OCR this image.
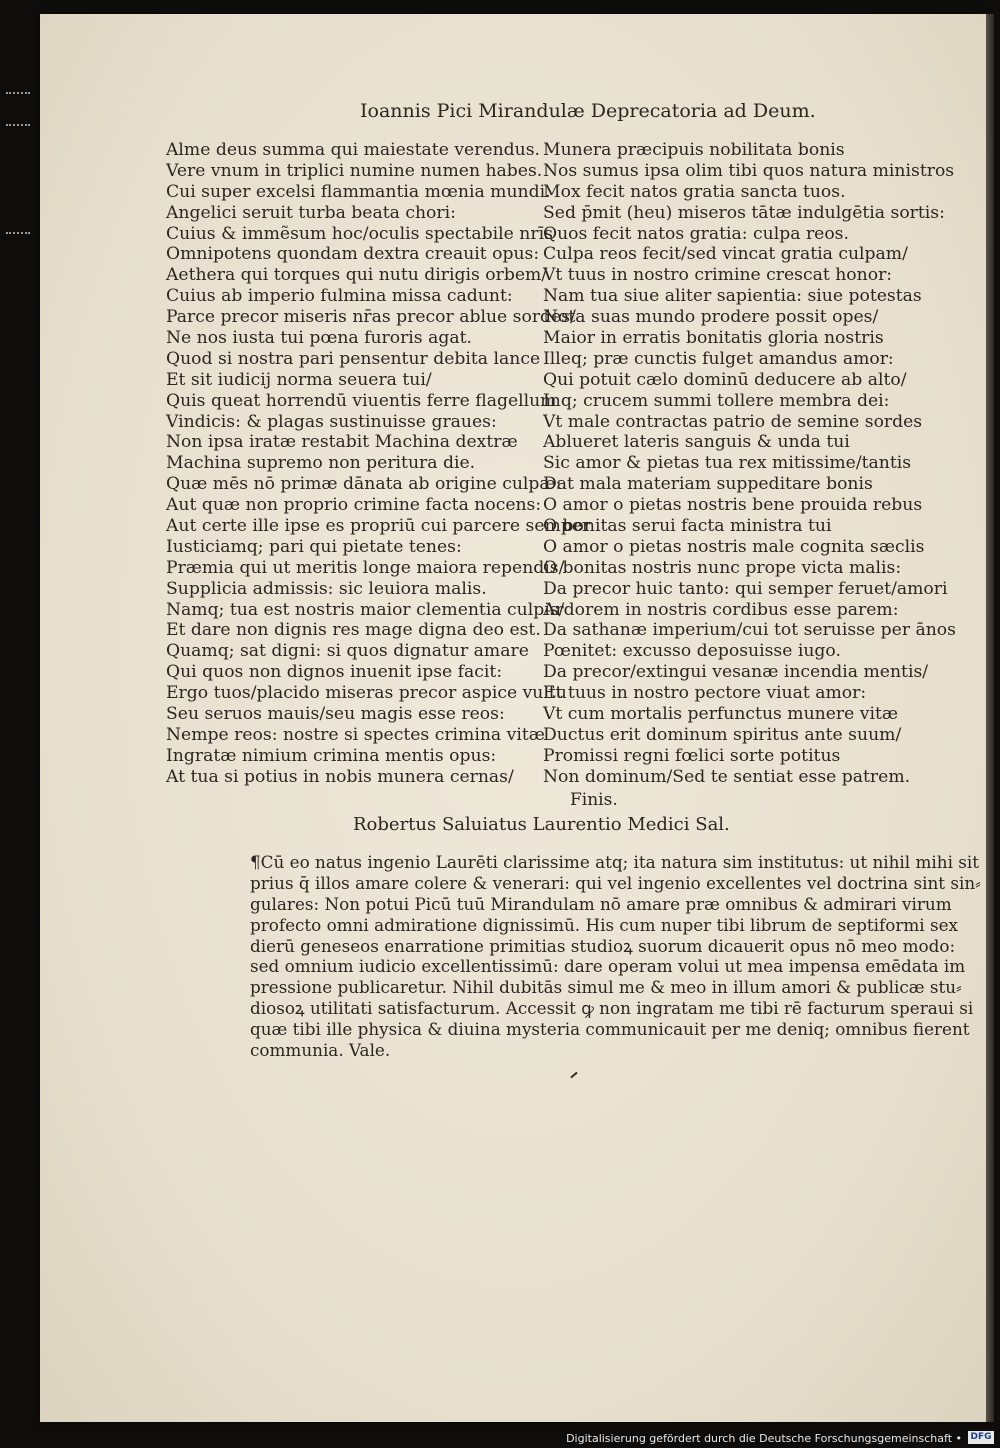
Ioannis Pici Mirandulæ Deprecatoria ad Deum.
Alme deus summa qui maiestate verendus.
Vere vnum in triplici numine numen habes.
Cui super excelsi flammantia mœnia mundi.
Angelici seruit turba beata chori:
Cuius & immẽsum hoc/oculis spectabile nrīs
Omnipotens quondam dextra creauit opus:
Aethera qui torques qui nutu dirigis orbem/
Cuius ab imperio fulmina missa cadunt:
Parce precor miseris nr̄as precor ablue sordes/
Ne nos iusta tui pœna furoris agat.
Quod si nostra pari pensentur debita lance
Et sit iudicij norma seuera tui/
Quis queat horrendū viuentis ferre flagellum
Vindicis: & plagas sustinuisse graues:
Non ipsa iratæ restabit Machina dextræ
Machina supremo non peritura die.
Quæ mēs nō primæ dānata ab origine culpæ:
Aut quæ non proprio crimine facta nocens:
Aut certe ille ipse es propriū cui parcere semper
Iusticiamq; pari qui pietate tenes:
Præmia qui ut meritis longe maiora rependis/
Supplicia admissis: sic leuiora malis.
Namq; tua est nostris maior clementia culpis/
Et dare non dignis res mage digna deo est.
Quamq; sat digni: si quos dignatur amare
Qui quos non dignos inuenit ipse facit:
Ergo tuos/placido miseras precor aspice vultu
Seu seruos mauis/seu magis esse reos:
Nempe reos: nostre si spectes crimina vitæ
Ingratæ nimium crimina mentis opus:
At tua si potius in nobis munera cernas/
Munera præcipuis nobilitata bonis
Nos sumus ipsa olim tibi quos natura ministros
Mox fecit natos gratia sancta tuos.
Sed p̄mit (heu) miseros tātæ indulgētia sortis:
Quos fecit natos gratia: culpa reos.
Culpa reos fecit/sed vincat gratia culpam/
Vt tuus in nostro crimine crescat honor:
Nam tua siue aliter sapientia: siue potestas
Nota suas mundo prodere possit opes/
Maior in erratis bonitatis gloria nostris
Illeq; præ cunctis fulget amandus amor:
Qui potuit cælo dominū deducere ab alto/
Inq; crucem summi tollere membra dei:
Vt male contractas patrio de semine sordes
Ablueret lateris sanguis & unda tui
Sic amor & pietas tua rex mitissime/tantis
Dat mala materiam suppeditare bonis
O amor o pietas nostris bene prouida rebus
O bonitas serui facta ministra tui
O amor o pietas nostris male cognita sæclis
O bonitas nostris nunc prope victa malis:
Da precor huic tanto: qui semper feruet/amori
Ardorem in nostris cordibus esse parem:
Da sathanæ imperium/cui tot seruisse per ānos
Pœnitet: excusso deposuisse iugo.
Da precor/extingui vesanæ incendia mentis/
Et tuus in nostro pectore viuat amor:
Vt cum mortalis perfunctus munere vitæ
Ductus erit dominum spiritus ante suum/
Promissi regni fœlici sorte potitus
Non dominum/Sed te sentiat esse patrem.
Finis.
Robertus Saluiatus Laurentio Medici Sal.
¶Cū eo natus ingenio Laurēti clarissime atq; ita natura sim institutus: ut nihil mihi sit
prius q̄ illos amare colere & venerari: qui vel ingenio excellentes vel doctrina sint sin⸗
gulares: Non potui Picū tuū Mirandulam nō amare præ omnibus & admirari virum
profecto omni admiratione dignissimū. His cum nuper tibi librum de septiformi sex
dierū geneseos enarratione primitias studioꝝ suorum dicauerit opus nō meo modo:
sed omnium iudicio excellentissimū: dare operam volui ut mea impensa emēdata im
pressione publicaretur. Nihil dubitās simul me & meo in illum amori & publicæ stu⸗
diosoꝝ utilitati satisfacturum. Accessit ꝙ non ingratam me tibi rē facturum speraui si
quæ tibi ille physica & diuina mysteria communicauit per me deniq; omnibus fierent
communia. Vale.
Digitalisierung gefördert durch die Deutsche Forschungsgemeinschaft • DFG
